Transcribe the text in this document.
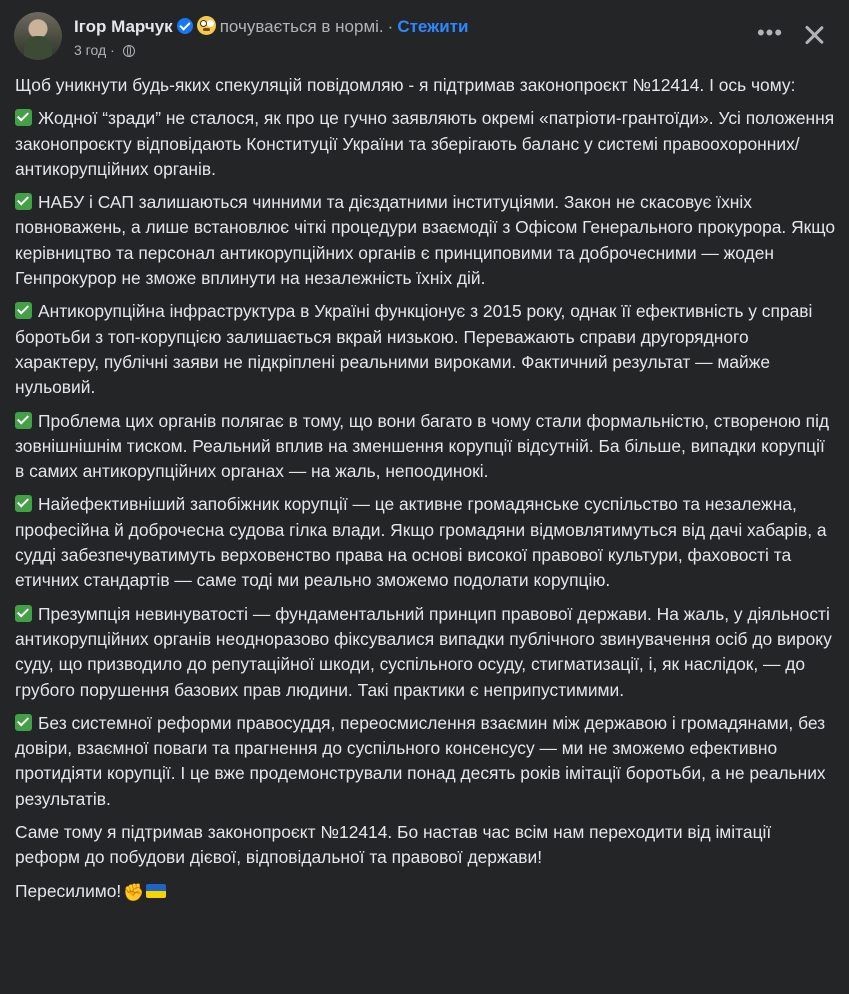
Ігор Марчук	почувається в нормі. · Стежити
3 год ·
•••

Щоб уникнути будь-яких спекуляцій повідомляю - я підтримав законопроєкт №12414. І ось чому:

Жодної “зради” не сталося, як про це гучно заявляють окремі «патріоти-грантоїди». Усі положення законопроєкту відповідають Конституції України та зберігають баланс у системі правоохоронних/антикорупційних органів.

НАБУ і САП залишаються чинними та дієздатними інституціями. Закон не скасовує їхніх повноважень, а лише встановлює чіткі процедури взаємодії з Офісом Генерального прокурора. Якщо керівництво та персонал антикорупційних органів є принциповими та доброчесними — жоден Генпрокурор не зможе вплинути на незалежність їхніх дій.

Антикорупційна інфраструктура в Україні функціонує з 2015 року, однак її ефективність у справі боротьби з топ-корупцією залишається вкрай низькою. Переважають справи другорядного характеру, публічні заяви не підкріплені реальними вироками. Фактичний результат — майже нульовий.

Проблема цих органів полягає в тому, що вони багато в чому стали формальністю, створеною під зовнішнішнім тиском. Реальний вплив на зменшення корупції відсутній. Ба більше, випадки корупції в самих антикорупційних органах — на жаль, непоодинокі.

Найефективніший запобіжник корупції — це активне громадянське суспільство та незалежна, професійна й доброчесна судова гілка влади. Якщо громадяни відмовлятимуться від дачі хабарів, а судді забезпечуватимуть верховенство права на основі високої правової культури, фаховості та етичних стандартів — саме тоді ми реально зможемо подолати корупцію.

Презумпція невинуватості — фундаментальний принцип правової держави. На жаль, у діяльності антикорупційних органів неодноразово фіксувалися випадки публічного звинувачення осіб до вироку суду, що призводило до репутаційної шкоди, суспільного осуду, стигматизації, і, як наслідок, — до грубого порушення базових прав людини. Такі практики є неприпустимими.

Без системної реформи правосуддя, переосмислення взаємин між державою і громадянами, без довіри, взаємної поваги та прагнення до суспільного консенсусу — ми не зможемо ефективно протидіяти корупції. І це вже продемонстрували понад десять років імітації боротьби, а не реальних результатів.

Саме тому я підтримав законопроєкт №12414. Бо настав час всім нам переходити від імітації реформ до побудови дієвої, відповідальної та правової держави!

Пересилимо! ✊
